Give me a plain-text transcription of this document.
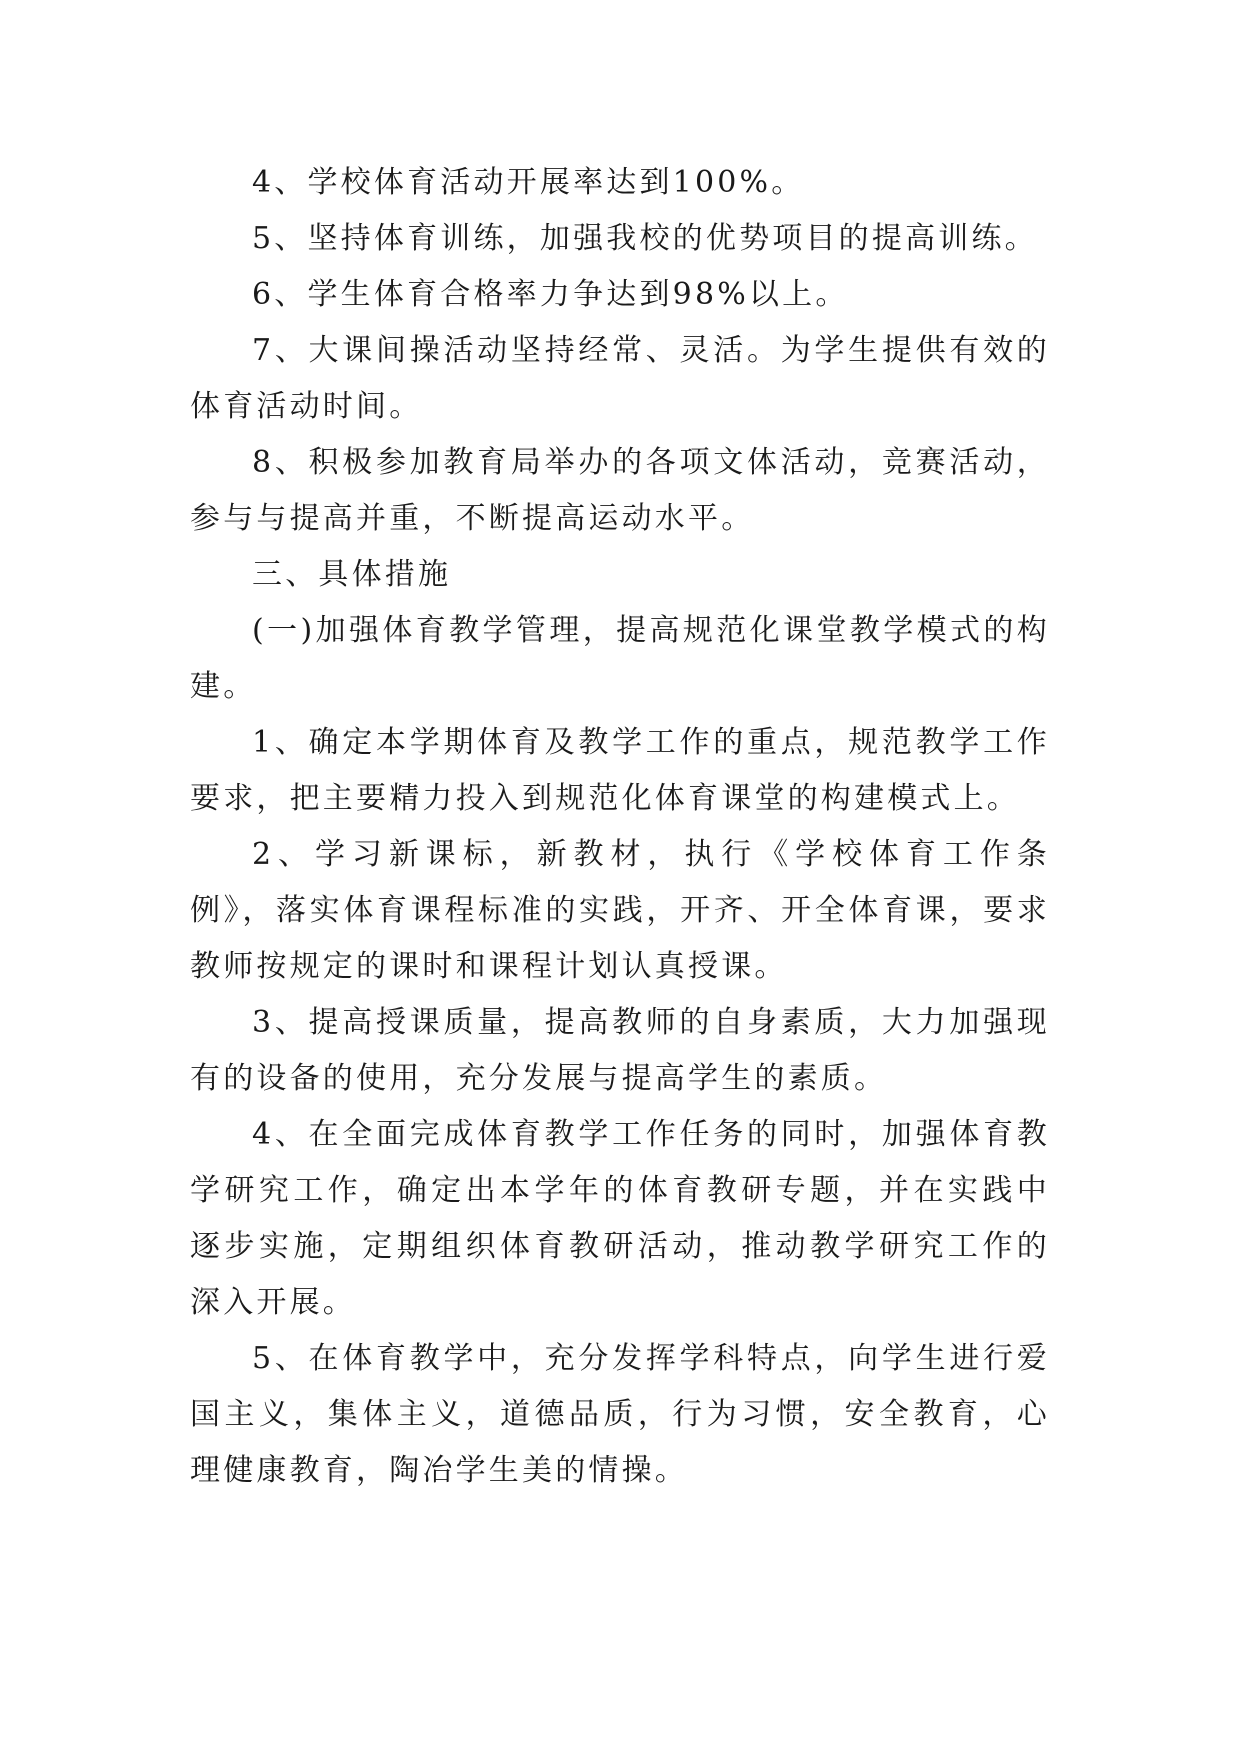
4、学校体育活动开展率达到100%。

5、坚持体育训练，加强我校的优势项目的提高训练。

6、学生体育合格率力争达到98%以上。

7、大课间操活动坚持经常、灵活。为学生提供有效的体育活动时间。

8、积极参加教育局举办的各项文体活动，竞赛活动，参与与提高并重，不断提高运动水平。

三、具体措施

(一)加强体育教学管理，提高规范化课堂教学模式的构建。

1、确定本学期体育及教学工作的重点，规范教学工作要求，把主要精力投入到规范化体育课堂的构建模式上。

2、学习新课标，新教材，执行《学校体育工作条例》，落实体育课程标准的实践，开齐、开全体育课，要求教师按规定的课时和课程计划认真授课。

3、提高授课质量，提高教师的自身素质，大力加强现有的设备的使用，充分发展与提高学生的素质。

4、在全面完成体育教学工作任务的同时，加强体育教学研究工作，确定出本学年的体育教研专题，并在实践中逐步实施，定期组织体育教研活动，推动教学研究工作的深入开展。

5、在体育教学中，充分发挥学科特点，向学生进行爱国主义，集体主义，道德品质，行为习惯，安全教育，心理健康教育，陶冶学生美的情操。
